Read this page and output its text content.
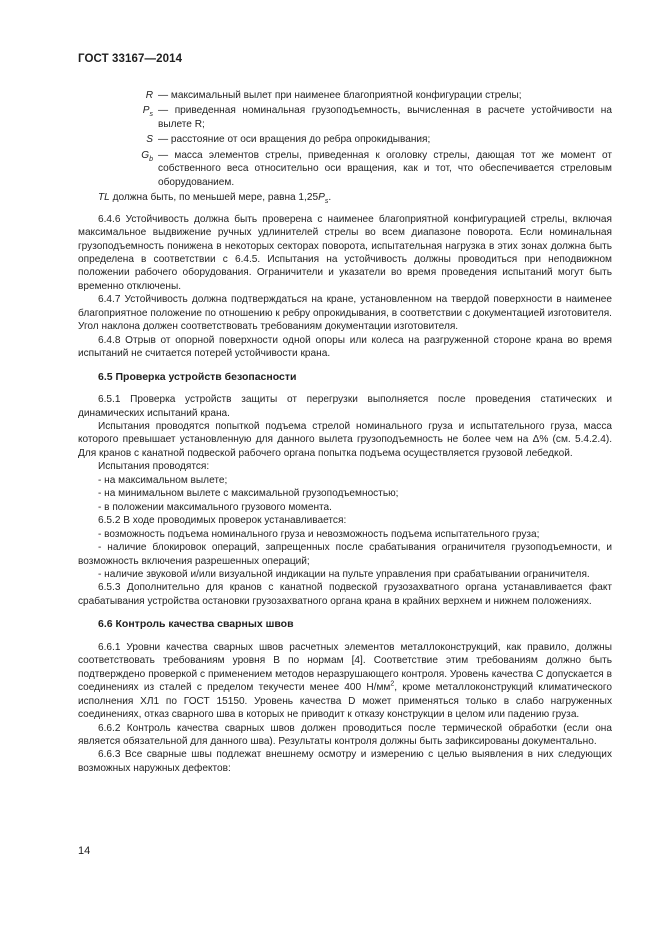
ГОСТ 33167—2014
R — максимальный вылет при наименее благоприятной конфигурации стрелы;
$P_s$ — приведенная номинальная грузоподъемность, вычисленная в расчете устойчивости на вылете R;
S — расстояние от оси вращения до ребра опрокидывания;
$G_b$ — масса элементов стрелы, приведенная к оголовку стрелы, дающая тот же момент от собственного веса относительно оси вращения, как и тот, что обеспечивается стреловым оборудованием.
TL должна быть, по меньшей мере, равна $1,25P_s$.

6.4.6 Устойчивость должна быть проверена с наименее благоприятной конфигурацией стрелы, включая максимальное выдвижение ручных удлинителей стрелы во всем диапазоне поворота. Если номинальная грузоподъемность понижена в некоторых секторах поворота, испытательная нагрузка в этих зонах должна быть определена в соответствии с 6.4.5. Испытания на устойчивость должны проводиться при неподвижном положении рабочего оборудования. Ограничители и указатели во время проведения испытаний могут быть временно отключены.

6.4.7 Устойчивость должна подтверждаться на кране, установленном на твердой поверхности в наименее благоприятное положение по отношению к ребру опрокидывания, в соответствии с документацией изготовителя. Угол наклона должен соответствовать требованиям документации изготовителя.

6.4.8 Отрыв от опорной поверхности одной опоры или колеса на разгруженной стороне крана во время испытаний не считается потерей устойчивости крана.

6.5 Проверка устройств безопасности

6.5.1 Проверка устройств защиты от перегрузки выполняется после проведения статических и динамических испытаний крана.

Испытания проводятся попыткой подъема стрелой номинального груза и испытательного груза, масса которого превышает установленную для данного вылета грузоподъемность не более чем на Δ% (см. 5.4.2.4). Для кранов с канатной подвеской рабочего органа попытка подъема осуществляется грузовой лебедкой.

Испытания проводятся:

- на максимальном вылете;
- на минимальном вылете с максимальной грузоподъемностью;
- в положении максимального грузового момента.

6.5.2 В ходе проводимых проверок устанавливается:

- возможность подъема номинального груза и невозможность подъема испытательного груза;
- наличие блокировок операций, запрещенных после срабатывания ограничителя грузоподъемности, и возможность включения разрешенных операций;
- наличие звуковой и/или визуальной индикации на пульте управления при срабатывании ограничителя.

6.5.3 Дополнительно для кранов с канатной подвеской грузозахватного органа устанавливается факт срабатывания устройства остановки грузозахватного органа крана в крайних верхнем и нижнем положениях.

6.6 Контроль качества сварных швов

6.6.1 Уровни качества сварных швов расчетных элементов металлоконструкций, как правило, должны соответствовать требованиям уровня В по нормам [4]. Соответствие этим требованиям должно быть подтверждено проверкой с применением методов неразрушающего контроля. Уровень качества С допускается в соединениях из сталей с пределом текучести менее 400 $Н/мм^2$, кроме металлоконструкций климатического исполнения ХЛ1 по ГОСТ 15150. Уровень качества D может применяться только в слабо нагруженных соединениях, отказ сварного шва в которых не приводит к отказу конструкции в целом или падению груза.

6.6.2 Контроль качества сварных швов должен проводиться после термической обработки (если она является обязательной для данного шва). Результаты контроля должны быть зафиксированы документально.

6.6.3 Все сварные швы подлежат внешнему осмотру и измерению с целью выявления в них следующих возможных наружных дефектов:

14
